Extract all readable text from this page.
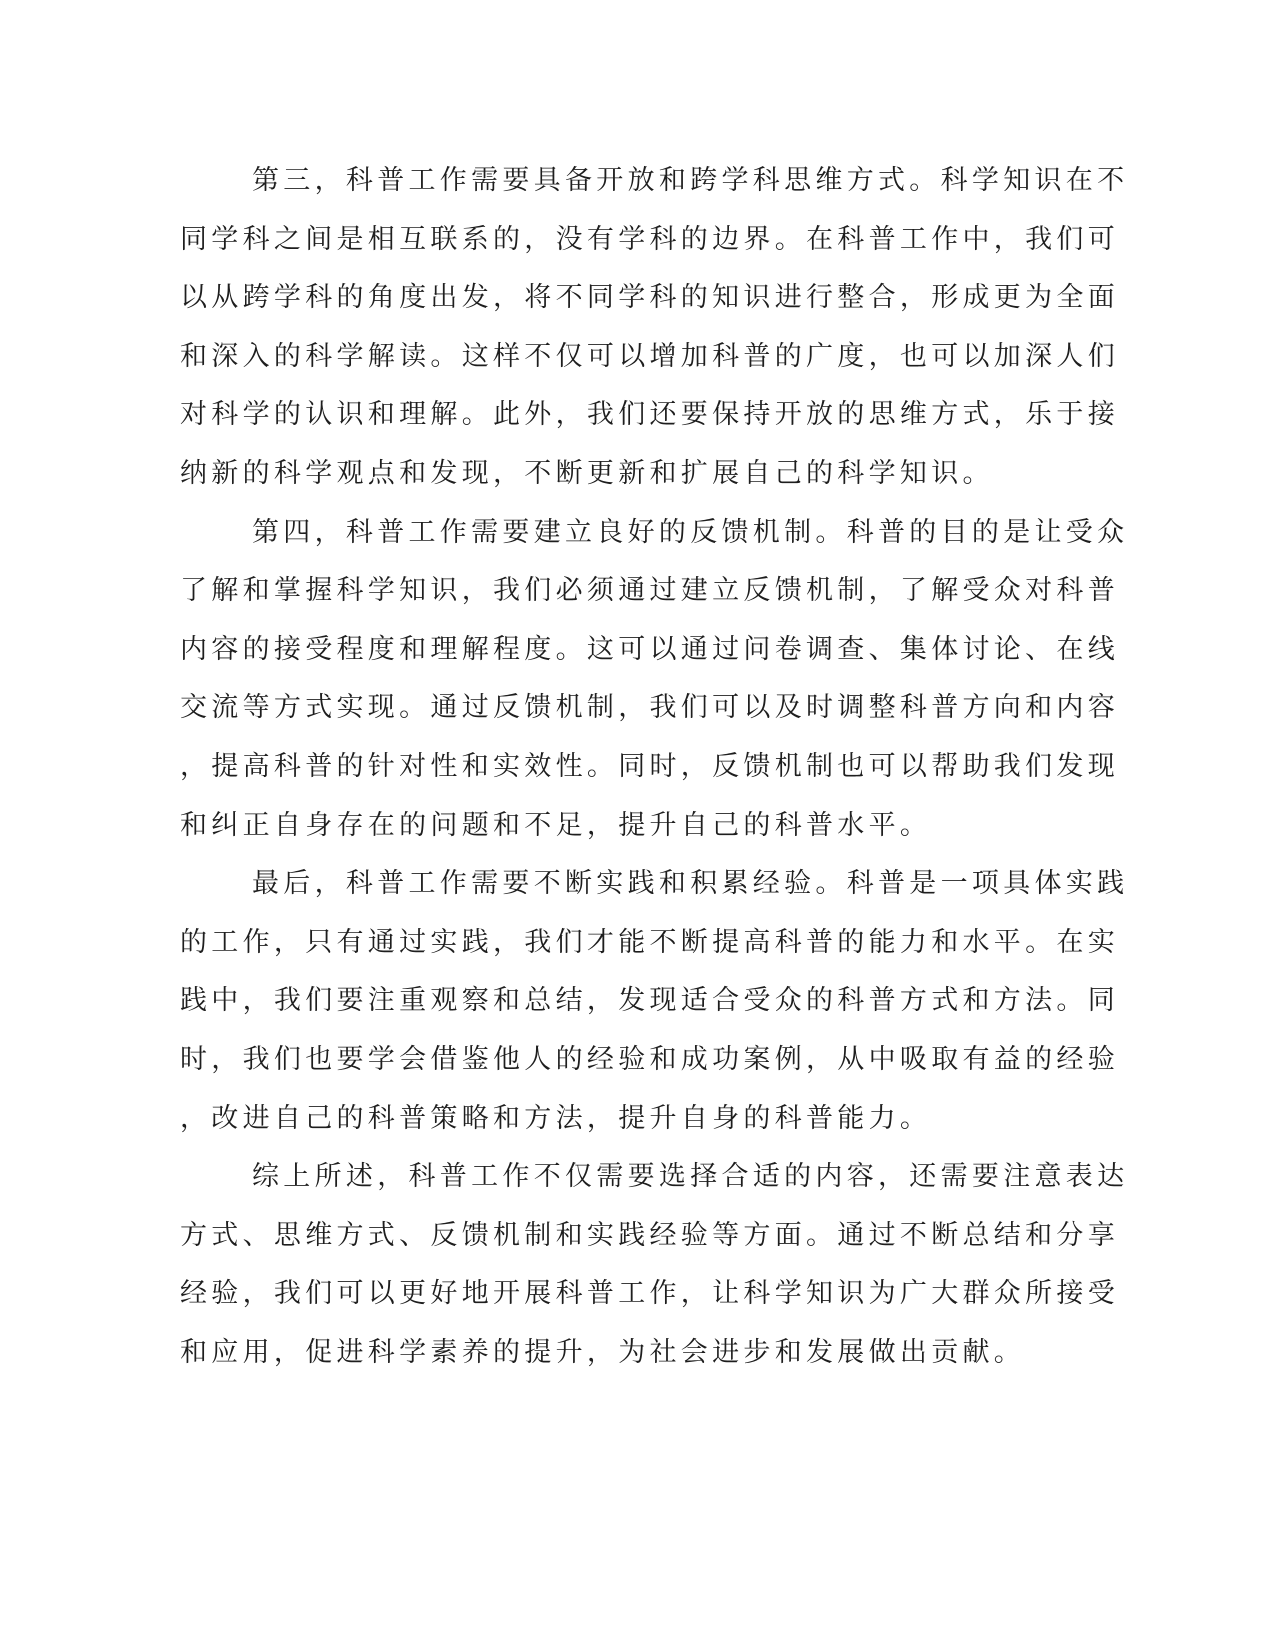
第三，科普工作需要具备开放和跨学科思维方式。科学知识在不
同学科之间是相互联系的，没有学科的边界。在科普工作中，我们可
以从跨学科的角度出发，将不同学科的知识进行整合，形成更为全面
和深入的科学解读。这样不仅可以增加科普的广度，也可以加深人们
对科学的认识和理解。此外，我们还要保持开放的思维方式，乐于接
纳新的科学观点和发现，不断更新和扩展自己的科学知识。
第四，科普工作需要建立良好的反馈机制。科普的目的是让受众
了解和掌握科学知识，我们必须通过建立反馈机制，了解受众对科普
内容的接受程度和理解程度。这可以通过问卷调查、集体讨论、在线
交流等方式实现。通过反馈机制，我们可以及时调整科普方向和内容
，提高科普的针对性和实效性。同时，反馈机制也可以帮助我们发现
和纠正自身存在的问题和不足，提升自己的科普水平。
最后，科普工作需要不断实践和积累经验。科普是一项具体实践
的工作，只有通过实践，我们才能不断提高科普的能力和水平。在实
践中，我们要注重观察和总结，发现适合受众的科普方式和方法。同
时，我们也要学会借鉴他人的经验和成功案例，从中吸取有益的经验
，改进自己的科普策略和方法，提升自身的科普能力。
综上所述，科普工作不仅需要选择合适的内容，还需要注意表达
方式、思维方式、反馈机制和实践经验等方面。通过不断总结和分享
经验，我们可以更好地开展科普工作，让科学知识为广大群众所接受
和应用，促进科学素养的提升，为社会进步和发展做出贡献。
